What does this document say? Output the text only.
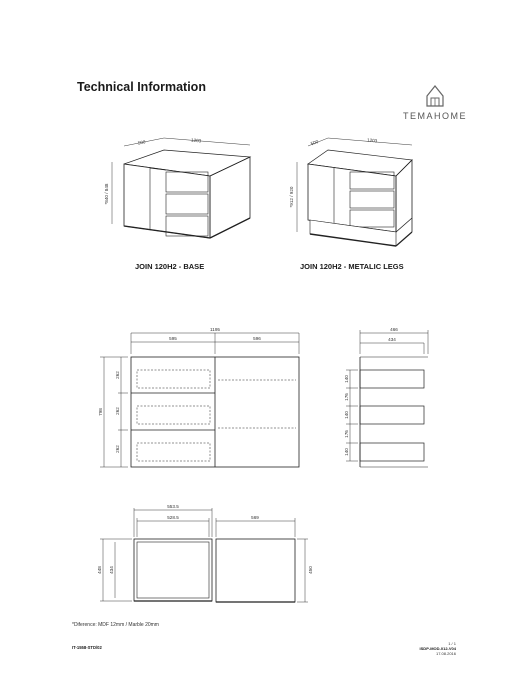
Technical Information
TEMAHOME
1203
500
*840 / 848
1203
500
*912 / 920
1195
595	596
798
262
262
262
466
434
140
176
140
176
140
553.5
528.5	569
448 434	450
JOIN 120H2 - BASE	JOIN 120H2 - METALIC LEGS
*Diference: MDF 12mm / Marble 20mm
IT-1558-STD/02
1 / 1
ISDP-MOD-012-V04
17.08.2016
